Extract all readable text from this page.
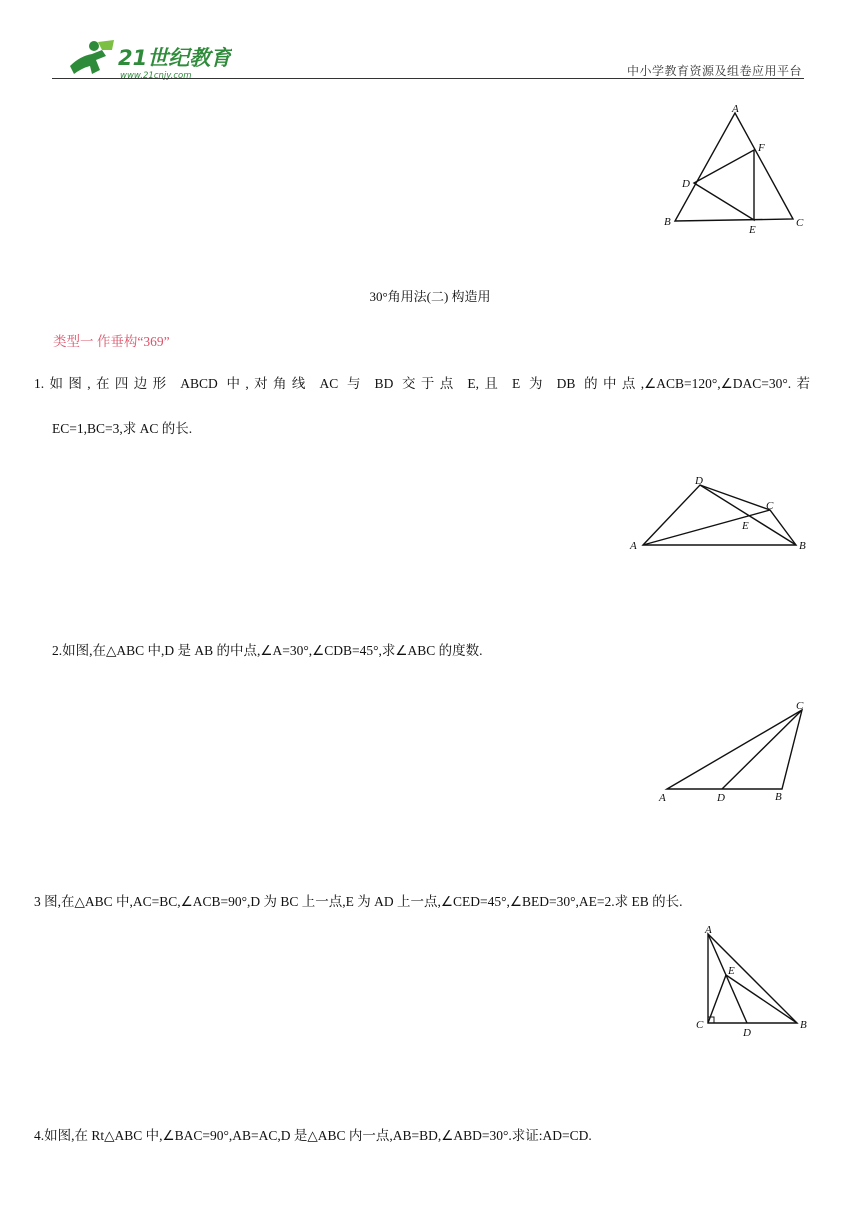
21世纪教育
www.21cnjy.com	中小学教育资源及组卷应用平台
A
F
D
B
E
C
30°角用法(二) 构造用
类型一 作垂构“369”
1.如图,在四边形 ABCD 中,对角线 AC 与 BD 交于点 E,且 E 为 DB 的中点,∠ACB=120°,∠DAC=30°.若
EC=1,BC=3,求 AC 的长.
D
C
E
A	B
2.如图,在△ABC 中,D 是 AB 的中点,∠A=30°,∠CDB=45°,求∠ABC 的度数.
C
A	D	B
3 图,在△ABC 中,AC=BC,∠ACB=90°,D 为 BC 上一点,E 为 AD 上一点,∠CED=45°,∠BED=30°,AE=2.求 EB 的长.
A
E
C
D
B
4.如图,在 Rt△ABC 中,∠BAC=90°,AB=AC,D 是△ABC 内一点,AB=BD,∠ABD=30°.求证:AD=CD.
